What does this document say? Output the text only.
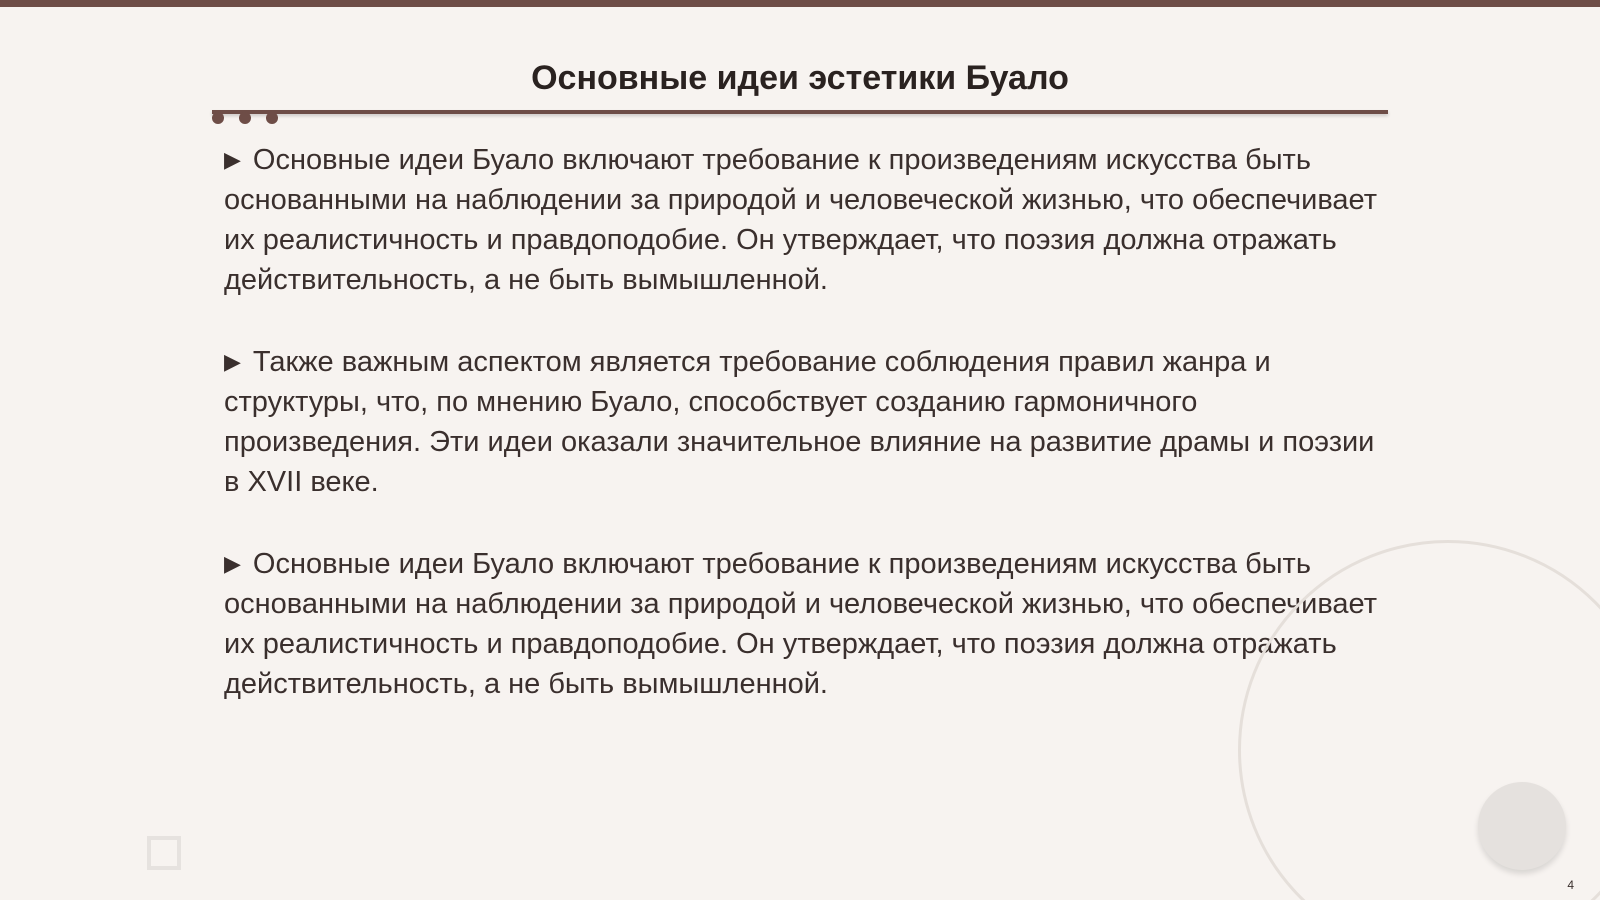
Основные идеи эстетики Буало

▶ Основные идеи Буало включают требование к произведениям искусства быть основанными на наблюдении за природой и человеческой жизнью, что обеспечивает их реалистичность и правдоподобие. Он утверждает, что поэзия должна отражать действительность, а не быть вымышленной.

▶ Также важным аспектом является требование соблюдения правил жанра и структуры, что, по мнению Буало, способствует созданию гармоничного произведения. Эти идеи оказали значительное влияние на развитие драмы и поэзии в XVII веке.

▶ Основные идеи Буало включают требование к произведениям искусства быть основанными на наблюдении за природой и человеческой жизнью, что обеспечивает их реалистичность и правдоподобие. Он утверждает, что поэзия должна отражать действительность, а не быть вымышленной.

4
